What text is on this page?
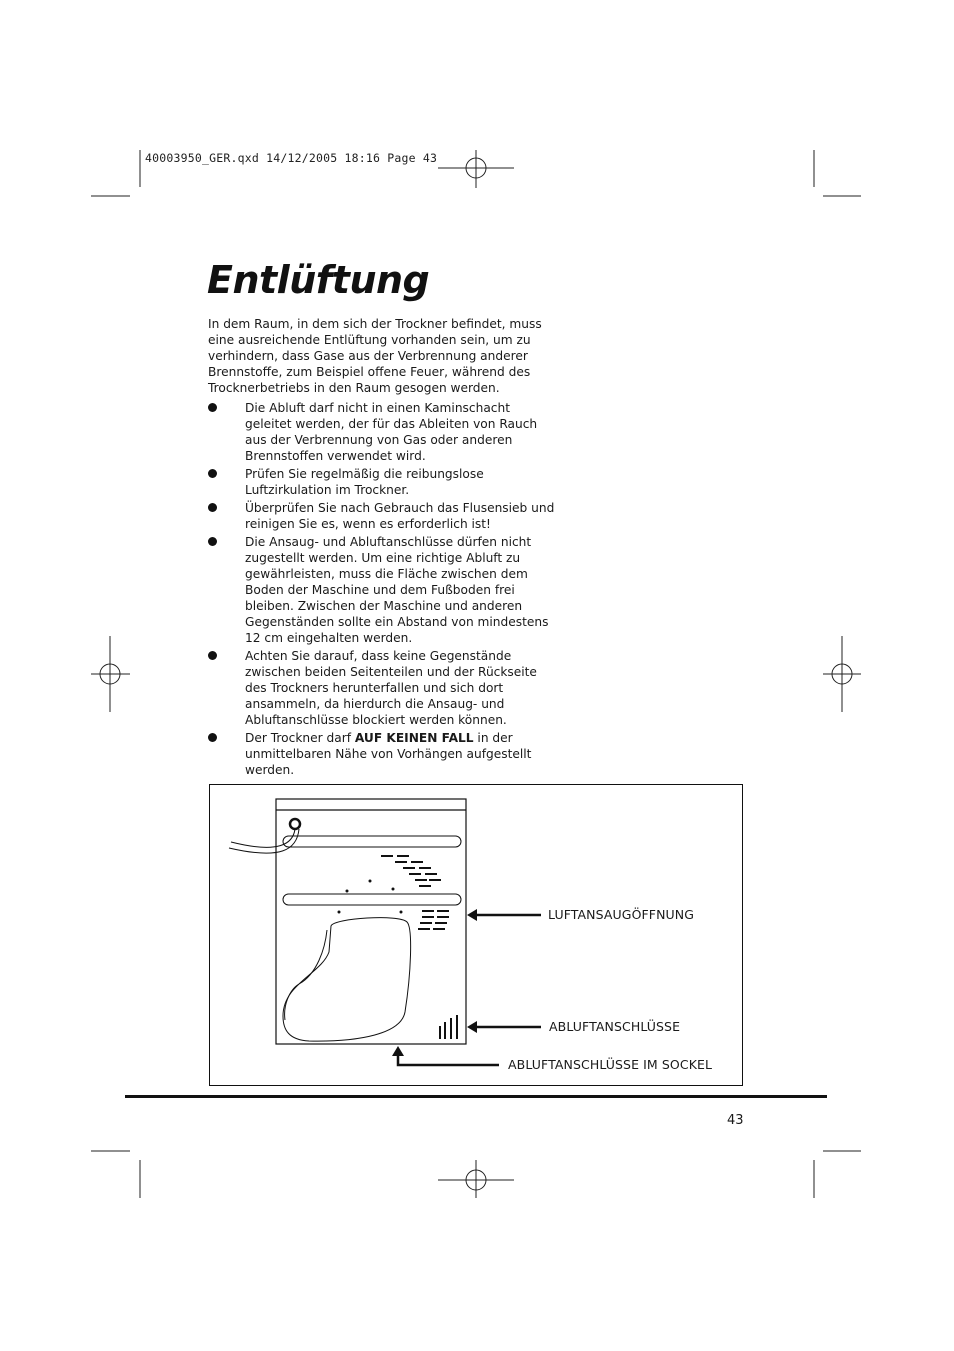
40003950_GER.qxd 14/12/2005 18:16 Page 43
Entlüftung

In dem Raum, in dem sich der Trockner befindet, muss eine ausreichende Entlüftung vorhanden sein, um zu verhindern, dass Gase aus der Verbrennung anderer Brennstoffe, zum Beispiel offene Feuer, während des Trocknerbetriebs in den Raum gesogen werden.

Die Abluft darf nicht in einen Kaminschacht geleitet werden, der für das Ableiten von Rauch aus der Verbrennung von Gas oder anderen Brennstoffen verwendet wird.
Prüfen Sie regelmäßig die reibungslose Luftzirkulation im Trockner.
Überprüfen Sie nach Gebrauch das Flusensieb und reinigen Sie es, wenn es erforderlich ist!
Die Ansaug- und Abluftanschlüsse dürfen nicht zugestellt werden. Um eine richtige Abluft zu gewährleisten, muss die Fläche zwischen dem Boden der Maschine und dem Fußboden frei bleiben. Zwischen der Maschine und anderen Gegenständen sollte ein Abstand von mindestens 12 cm eingehalten werden.
Achten Sie darauf, dass keine Gegenstände zwischen beiden Seitenteilen und der Rückseite des Trockners herunterfallen und sich dort ansammeln, da hierdurch die Ansaug- und Abluftanschlüsse blockiert werden können.
Der Trockner darf AUF KEINEN FALL in der unmittelbaren Nähe von Vorhängen aufgestellt werden.
LUFTANSAUGÖFFNUNG
ABLUFTANSCHLÜSSE
ABLUFTANSCHLÜSSE IM SOCKEL
43
